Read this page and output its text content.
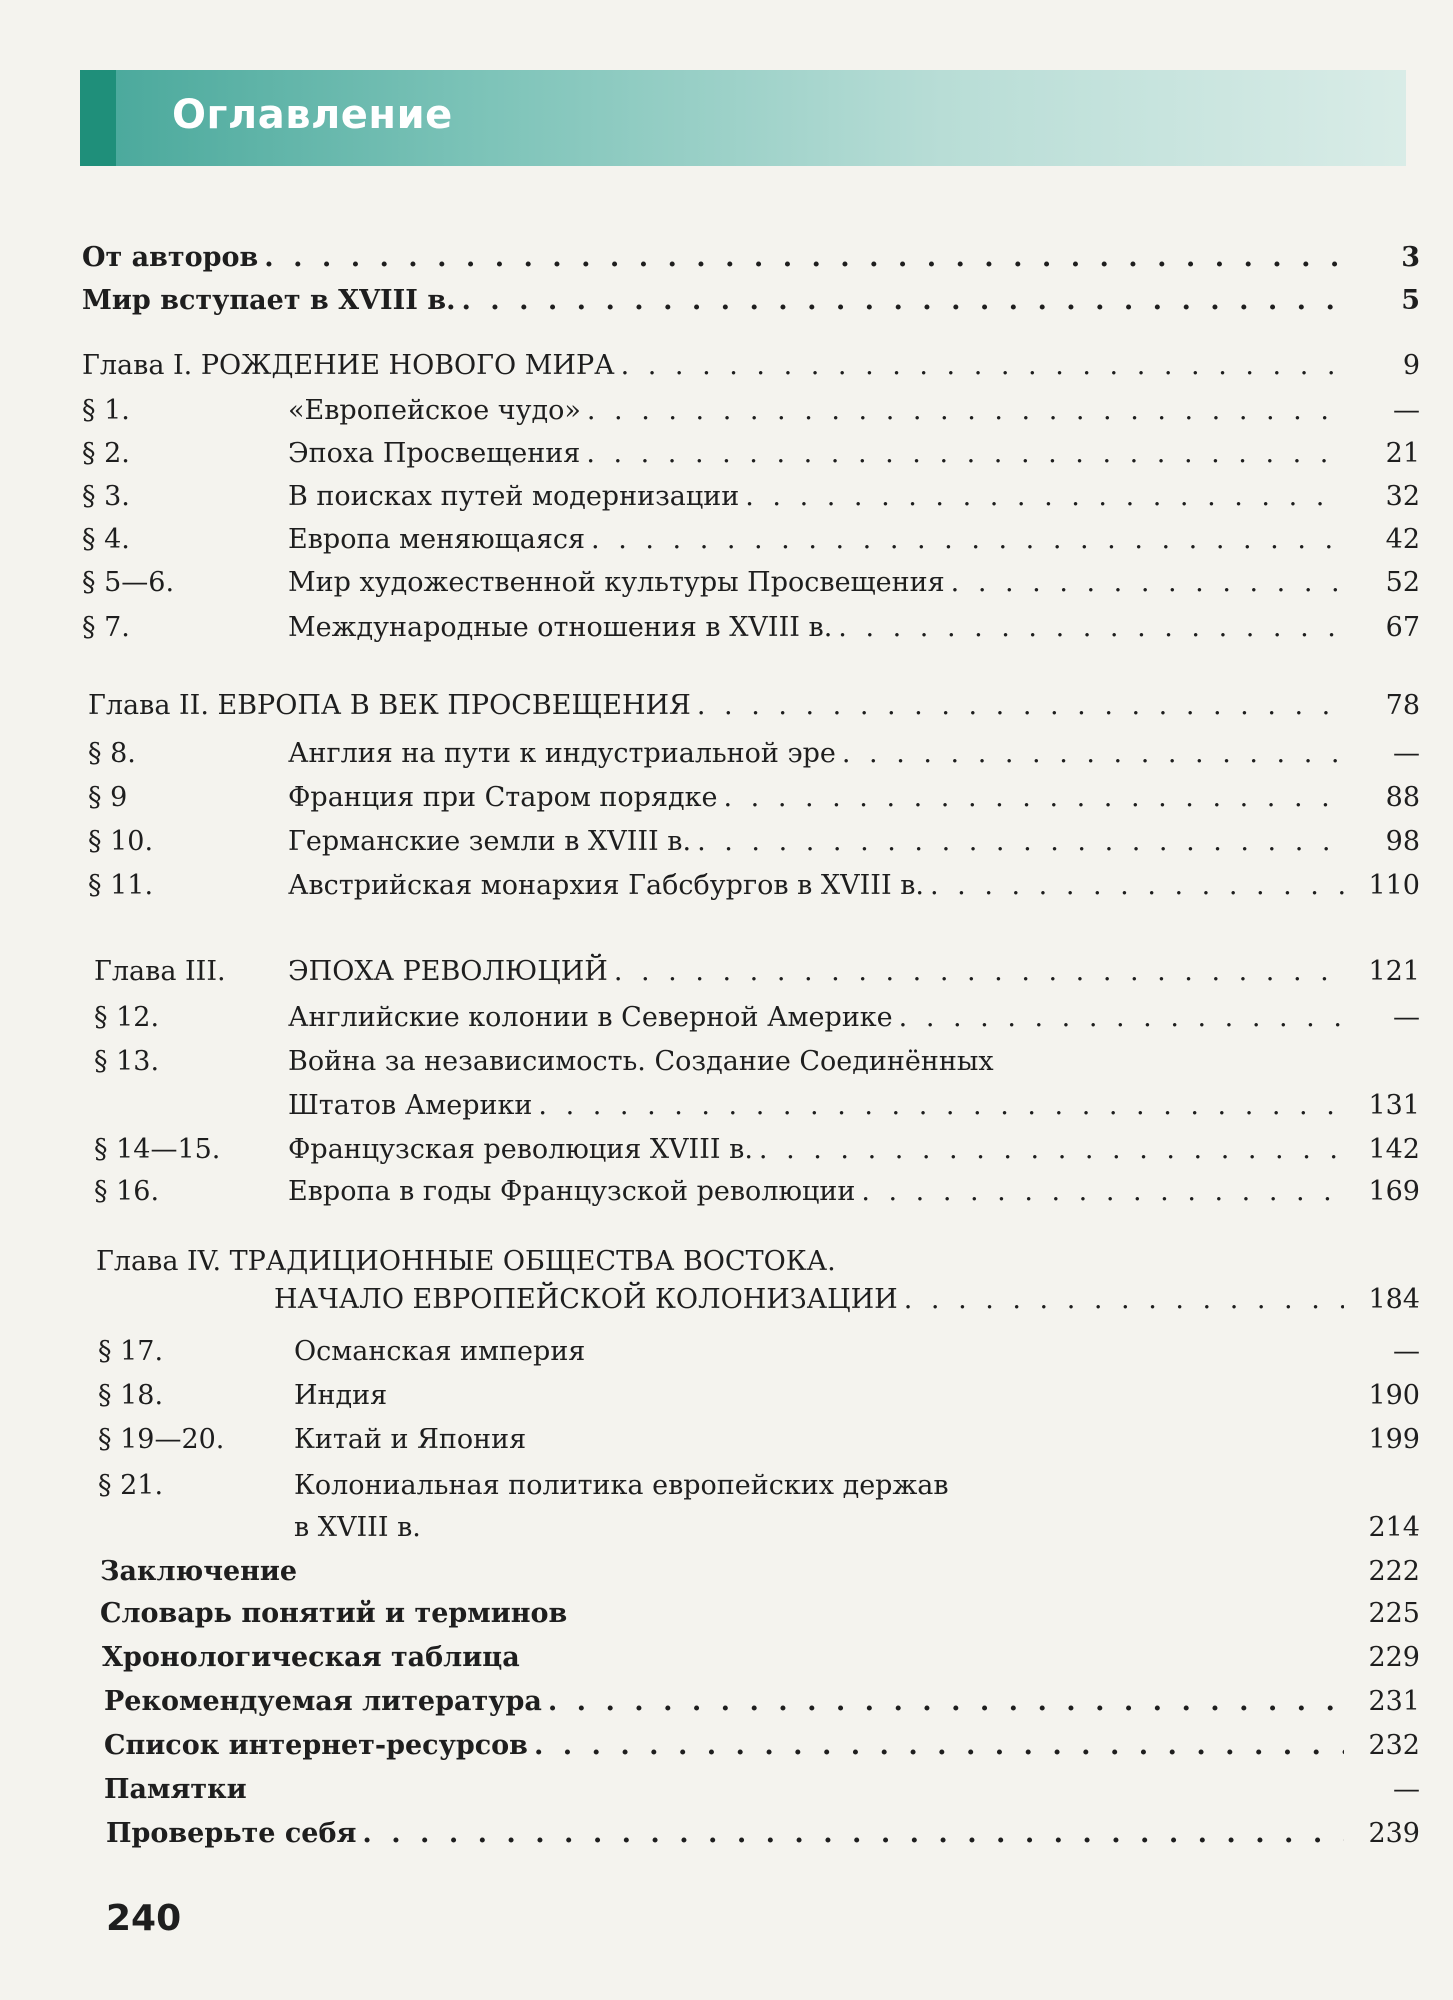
Оглавление
От авторов . . .	3
Мир вступает в XVIII в. . . .	5
Глава I. РОЖДЕНИЕ НОВОГО МИРА . . .	9
§ 1.	«Европейское чудо» . . .	—
§ 2.	Эпоха Просвещения . . .	21
§ 3.	В поисках путей модернизации . . .	32
§ 4.	Европа меняющаяся . . .	42
§ 5—6.	Мир художественной культуры Просвещения . . .	52
§ 7.	Международные отношения в XVIII в. . . .	67
Глава II. ЕВРОПА В ВЕК ПРОСВЕЩЕНИЯ . . .	78
§ 8.	Англия на пути к индустриальной эре . . .	—
§ 9	Франция при Старом порядке . . .	88
§ 10.	Германские земли в XVIII в. . . .	98
§ 11.	Австрийская монархия Габсбургов в XVIII в. . . .	110
Глава III.	ЭПОХА РЕВОЛЮЦИЙ . . .	121
§ 12.	Английские колонии в Северной Америке . . .	—
§ 13.	Война за независимость. Создание Соединённых
Штатов Америки . . .	131
§ 14—15.	Французская революция XVIII в. . . .	142
§ 16.	Европа в годы Французской революции . . .	169
Глава IV. ТРАДИЦИОННЫЕ ОБЩЕСТВА ВОСТОКА.
НАЧАЛО ЕВРОПЕЙСКОЙ КОЛОНИЗАЦИИ . . .	184
§ 17.	Османская империя	—
§ 18.	Индия	190
§ 19—20.	Китай и Япония	199
§ 21.	Колониальная политика европейских держав
в XVIII в.	214
Заключение	222
Словарь понятий и терминов	225
Хронологическая таблица	229
Рекомендуемая литература . . .	231
Список интернет-ресурсов . . .	232
Памятки	—
Проверьте себя . . .	239
240
